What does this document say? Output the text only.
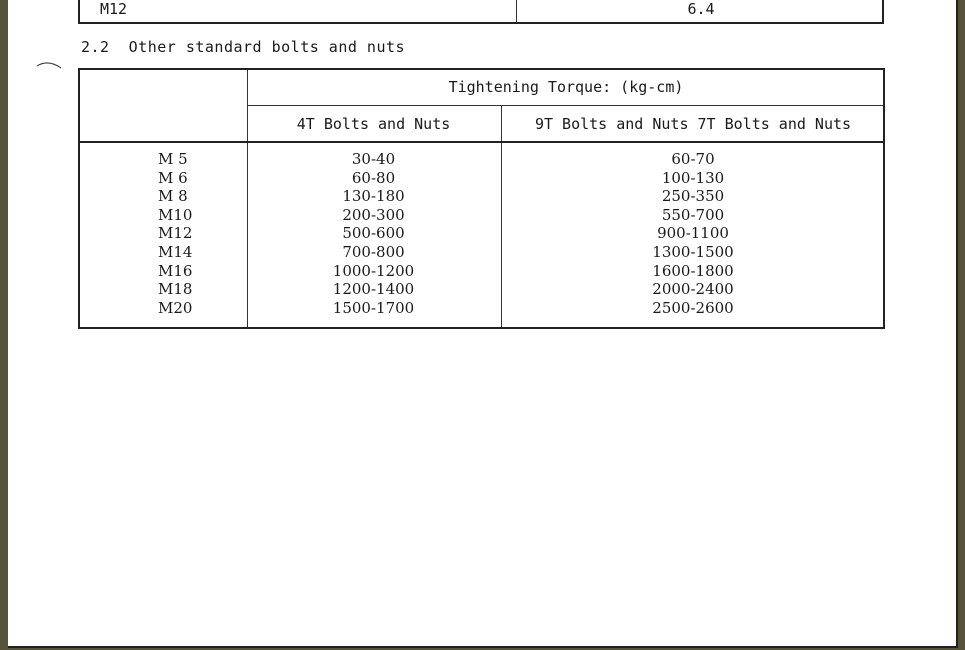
M12	6.4
2.2 Other standard bolts and nuts
Tightening Torque: (kg-cm)
4T Bolts and Nuts	9T Bolts and Nuts 7T Bolts and Nuts
M 5
M 6
M 8
M10
M12
M14
M16
M18
M20
30-40
60-80
130-180
200-300
500-600
700-800
1000-1200
1200-1400
1500-1700
60-70
100-130
250-350
550-700
900-1100
1300-1500
1600-1800
2000-2400
2500-2600
